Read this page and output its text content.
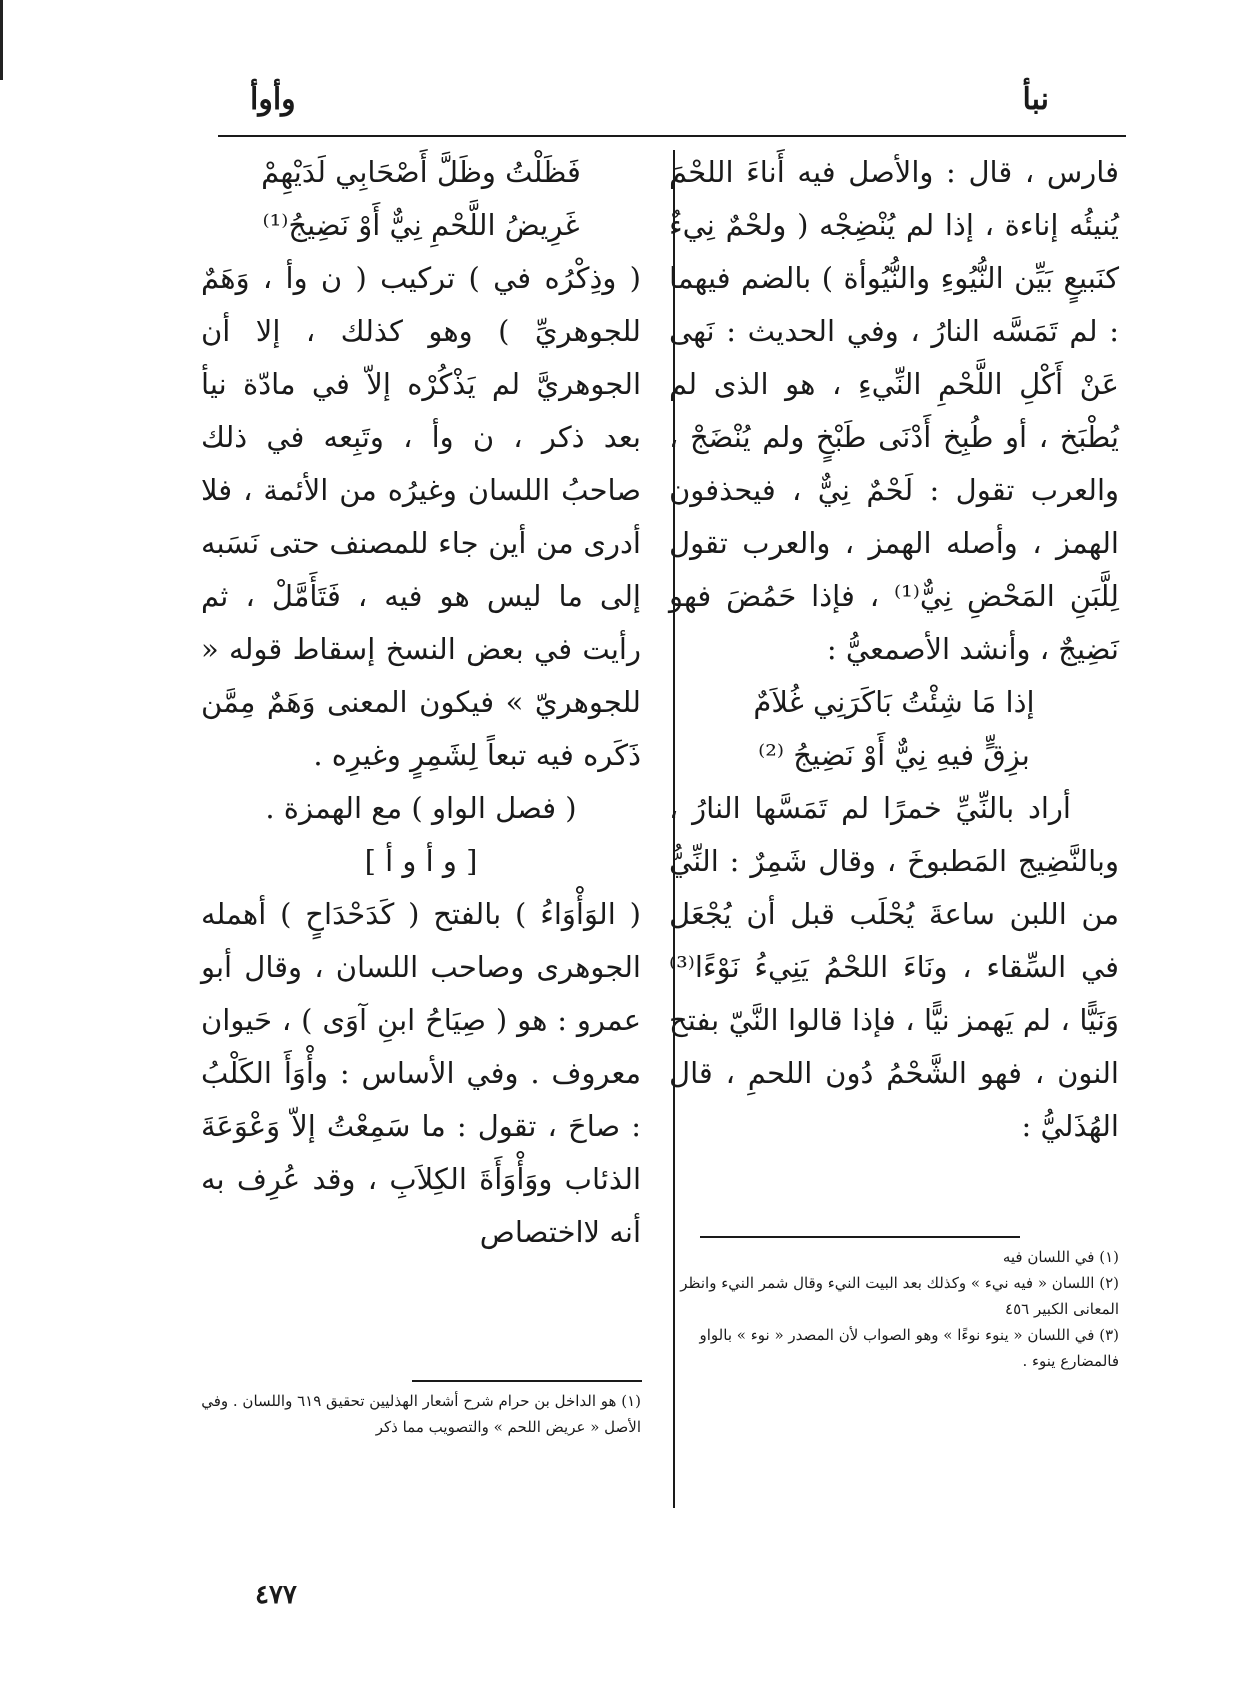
نبأ
وأوأ

فارس ، قال : والأصل فيه أَناءَ اللحْمَ يُنيئُه إناءة ، إذا لم يُنْضِجْه ( ولحْمٌ نِيءٌ كنَبيعٍ بَيِّن النُّيُوءِ والنُّيُوأة ) بالضم فيهما : لم تَمَسَّه النارُ ، وفي الحديث : نَهى عَنْ أَكْلِ اللَّحْمِ النِّيءِ ، هو الذى لم يُطْبَخ ، أو طُبِخ أَدْنَى طَبْخٍ ولم يُنْضَجْ ، والعرب تقول : لَحْمٌ نِيٌّ ، فيحذفون الهمز ، وأصله الهمز ، والعرب تقول لِلَّبَنِ المَحْضِ نِيٌّ⁽¹⁾ ، فإذا حَمُضَ فهو نَضِيجٌ ، وأنشد الأصمعيُّ :

إذا مَا شِئْتُ بَاكَرَنِي غُلاَمٌ

بزِقٍّ فيهِ نِيٌّ أَوْ نَضِيجُ ⁽²⁾

أراد بالنِّيِّ خمرًا لم تَمَسَّها النارُ ، وبالنَّضِيج المَطبوخَ ، وقال شَمِرٌ : النِّيُّ من اللبن ساعةَ يُحْلَب قبل أن يُجْعَل في السِّقاء ، ونَاءَ اللحْمُ يَنِيءُ نَوْءًا⁽³⁾ وَنَيًّا ، لم يَهمز نيًّا ، فإذا قالوا النَّيّ بفتح النون ، فهو الشَّحْمُ دُون اللحمِ ، قال الهُذَليُّ :

(١) في اللسان فيه

(٢) اللسان « فيه نيء » وكذلك بعد البيت النيء وقال شمر النيء وانظر المعانى الكبير ٤٥٦

(٣) في اللسان « ينوء نوءًا » وهو الصواب لأن المصدر « نوء » بالواو فالمضارع ينوء .

فَظَلْتُ وظَلَّ أَصْحَابِي لَدَيْهِمْ

غَرِيضُ اللَّحْمِ نِيٌّ أَوْ نَضِيجُ⁽¹⁾

( وذِكْرُه في ) تركيب ( ن وأ ، وَهَمٌ للجوهريِّ ) وهو كذلك ، إلا أن الجوهريَّ لم يَذْكُرْه إلاّ في مادّة نيأ بعد ذكر ، ن وأ ، وتَبِعه في ذلك صاحبُ اللسان وغيرُه من الأئمة ، فلا أدرى من أين جاء للمصنف حتى نَسَبه إلى ما ليس هو فيه ، فَتَأَمَّلْ ، ثم رأيت في بعض النسخ إسقاط قوله « للجوهريّ » فيكون المعنى وَهَمٌ مِمَّن ذَكَره فيه تبعاً لِشَمِرٍ وغيرِه .

( فصل الواو ) مع الهمزة .

[ و أ و أ ]

( الوَأْوَاءُ ) بالفتح ( كَدَحْدَاحٍ ) أهمله الجوهرى وصاحب اللسان ، وقال أبو عمرو : هو ( صِيَاحُ ابنِ آوَى ) ، حَيوان معروف . وفي الأساس : وأْوَأَ الكَلْبُ : صاحَ ، تقول : ما سَمِعْتُ إلاّ وَعْوَعَةَ الذئاب ووَأْوَأَةَ الكِلاَبِ ، وقد عُرِف به أنه لااختصاص

(١) هو الداخل بن حرام شرح أشعار الهذليين تحقيق ٦١٩ واللسان . وفي الأصل « عريض اللحم » والتصويب مما ذكر

٤٧٧
